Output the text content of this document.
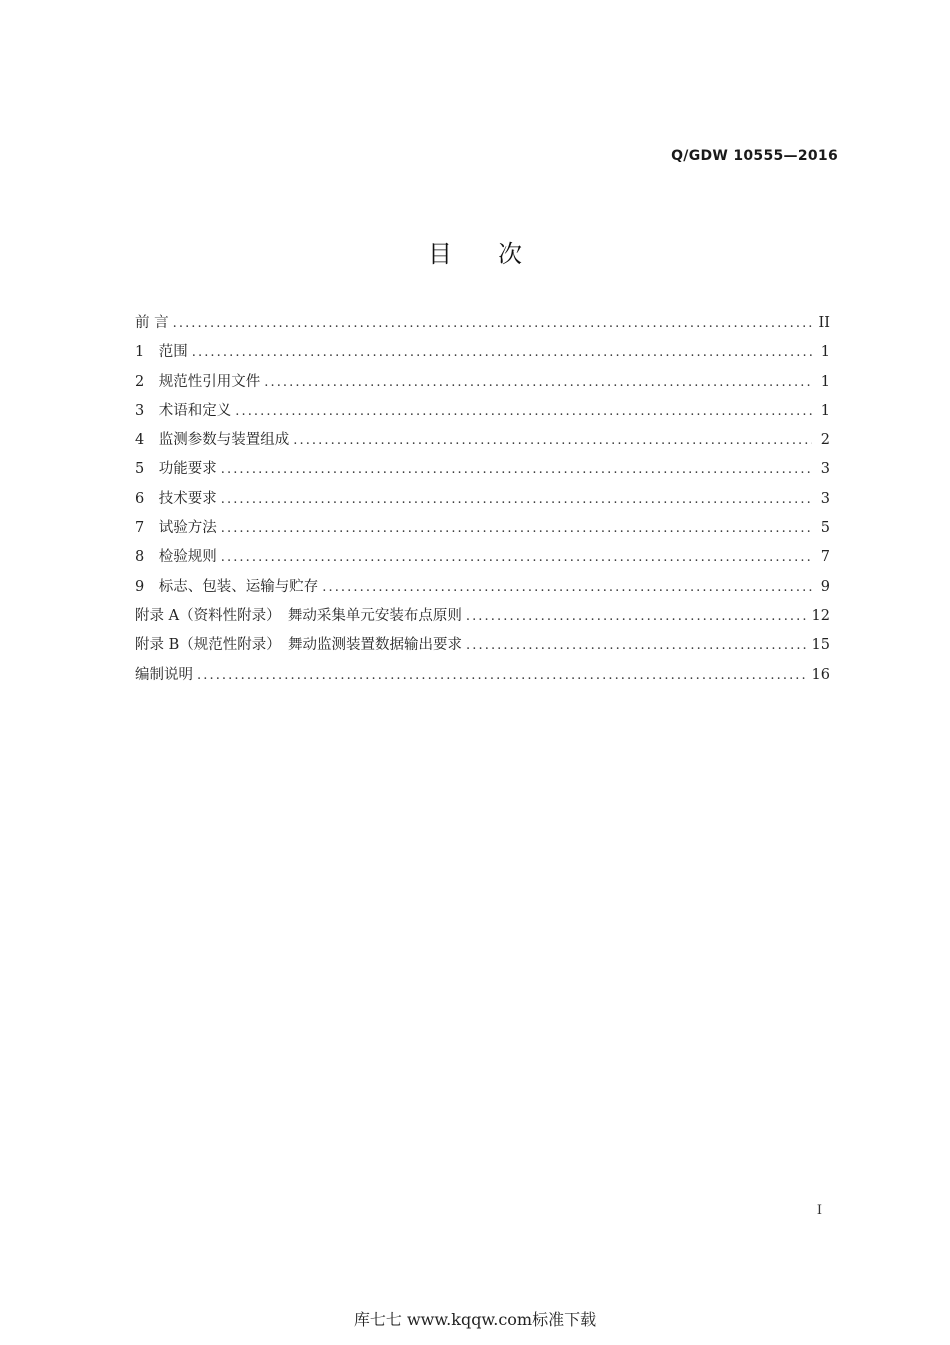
Q/GDW 10555—2016
目次
前 言 .....	II
1　范围 .....	1
2　规范性引用文件 .....	1
3　术语和定义 .....	1
4　监测参数与装置组成 .....	2
5　功能要求 .....	3
6　技术要求 .....	3
7　试验方法 .....	5
8　检验规则 .....	7
9　标志、包装、运输与贮存 .....	9
附录 A（资料性附录）　舞动采集单元安装布点原则 .....	12
附录 B（规范性附录）　舞动监测装置数据输出要求 .....	15
编制说明 .....	16
I
库七七 www.kqqw.com标准下载
